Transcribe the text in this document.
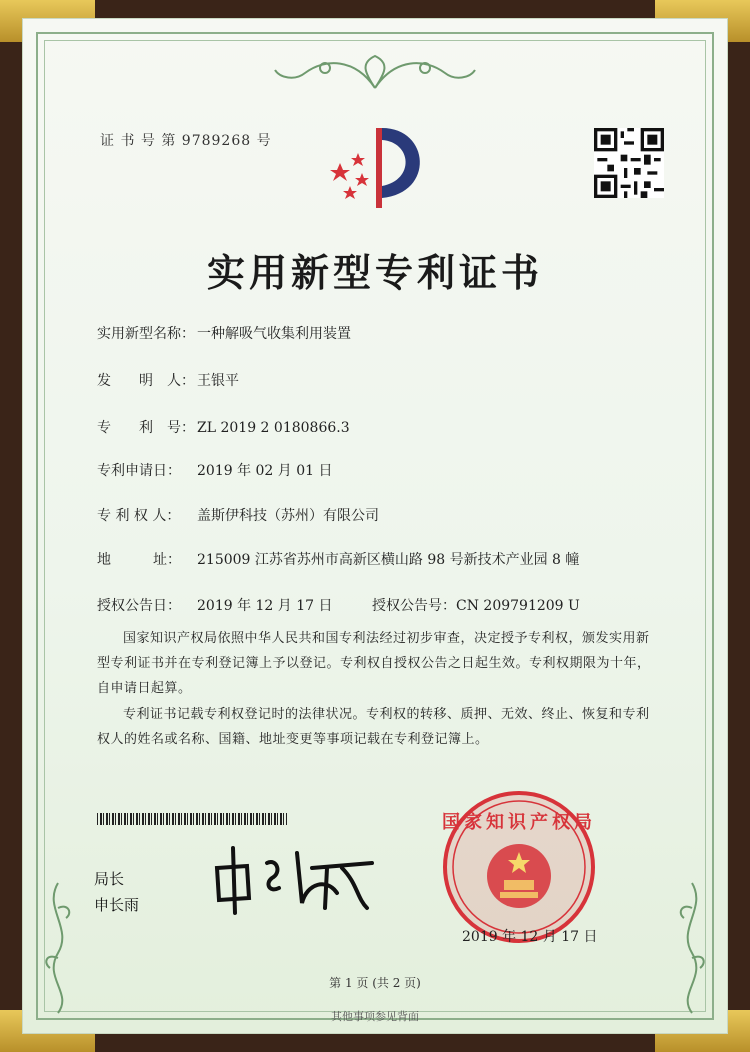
证 书 号 第 9789268 号
实用新型专利证书
实用新型名称： 一种解吸气收集利用装置
发　　明　人： 王银平
专　　利　号： ZL 2019 2 0180866.3
专利申请日： 2019 年 02 月 01 日
专 利 权 人： 盖斯伊科技（苏州）有限公司
地　　　址： 215009 江苏省苏州市高新区横山路 98 号新技术产业园 8 幢
授权公告日： 2019 年 12 月 17 日	授权公告号：CN 209791209 U
国家知识产权局依照中华人民共和国专利法经过初步审查，决定授予专利权，颁发实用新型专利证书并在专利登记簿上予以登记。专利权自授权公告之日起生效。专利权期限为十年，自申请日起算。
专利证书记载专利权登记时的法律状况。专利权的转移、质押、无效、终止、恢复和专利权人的姓名或名称、国籍、地址变更等事项记载在专利登记簿上。
局长
申长雨
国家知识产权局
2019 年 12 月 17 日
第 1 页 (共 2 页)
其他事项参见背面
